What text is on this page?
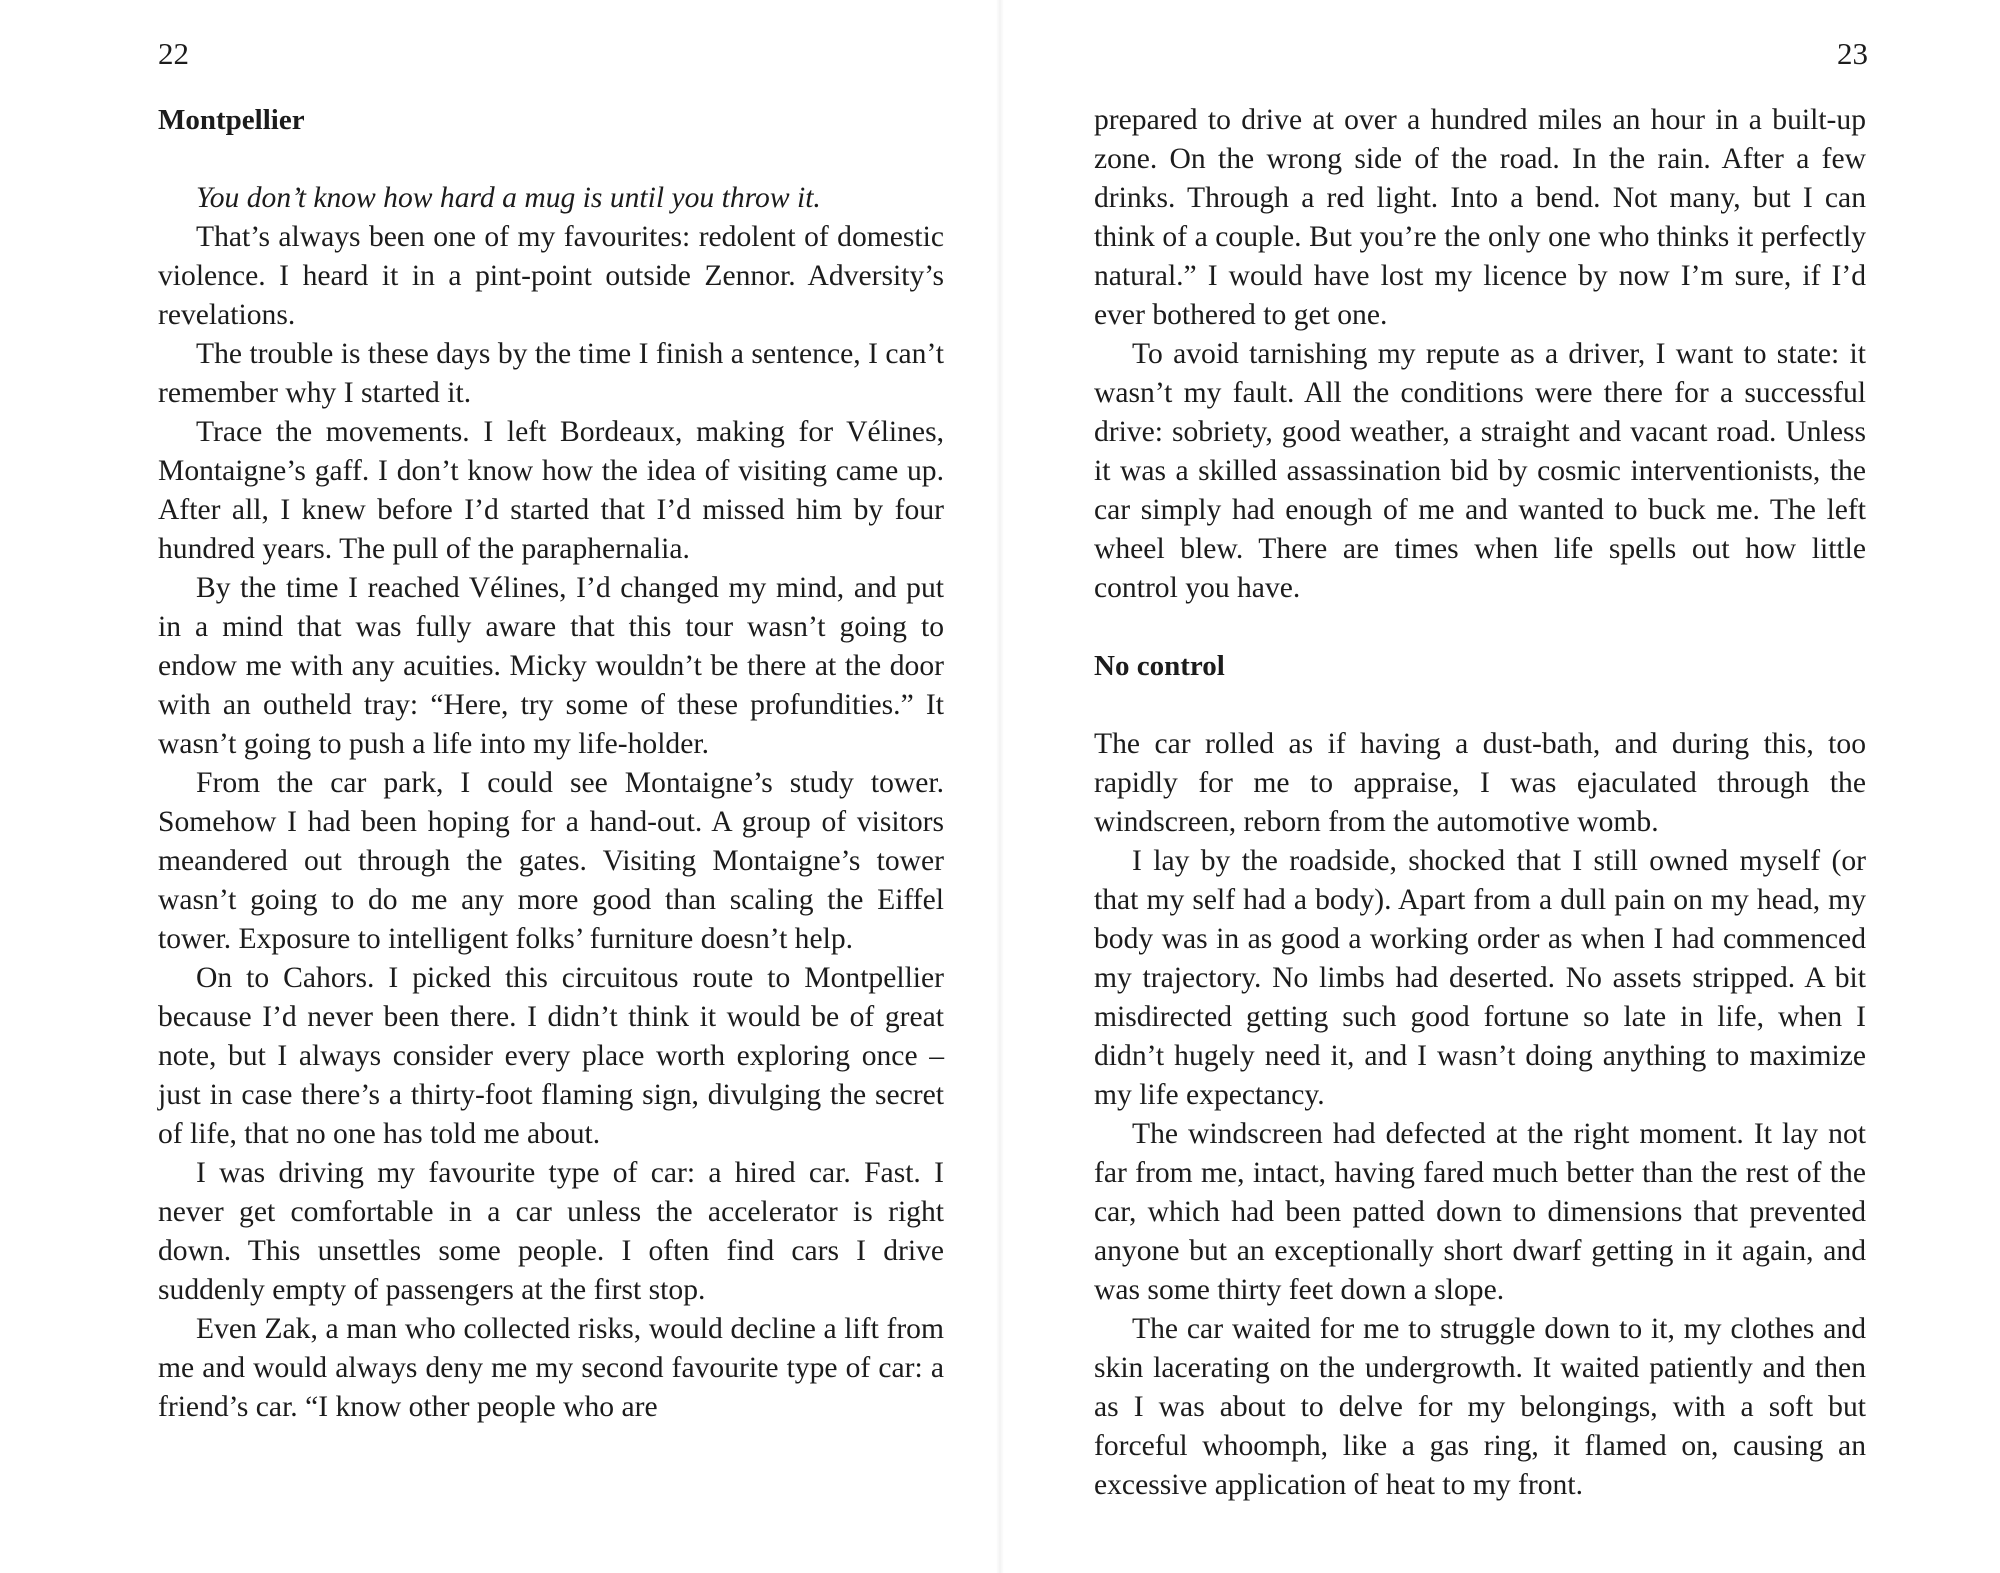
22
Montpellier

You don’t know how hard a mug is until you throw it.

That’s always been one of my favourites: redolent of domestic violence. I heard it in a pint-point outside Zennor. Adversity’s revelations.

The trouble is these days by the time I finish a sentence, I can’t remember why I started it.

Trace the movements. I left Bordeaux, making for Vélines, Montaigne’s gaff. I don’t know how the idea of visiting came up. After all, I knew before I’d started that I’d missed him by four hundred years. The pull of the paraphernalia.

By the time I reached Vélines, I’d changed my mind, and put in a mind that was fully aware that this tour wasn’t going to endow me with any acuities. Micky wouldn’t be there at the door with an outheld tray: “Here, try some of these profundities.” It wasn’t going to push a life into my life-holder.

From the car park, I could see Montaigne’s study tower. Somehow I had been hoping for a hand-out. A group of visitors meandered out through the gates. Visiting Montaigne’s tower wasn’t going to do me any more good than scaling the Eiffel tower. Exposure to intelligent folks’ furniture doesn’t help.

On to Cahors. I picked this circuitous route to Montpellier because I’d never been there. I didn’t think it would be of great note, but I always consider every place worth exploring once – just in case there’s a thirty-foot flaming sign, divulging the secret of life, that no one has told me about.

I was driving my favourite type of car: a hired car. Fast. I never get comfortable in a car unless the accelerator is right down. This unsettles some people. I often find cars I drive suddenly empty of passengers at the first stop.

Even Zak, a man who collected risks, would decline a lift from me and would always deny me my second favourite type of car: a friend’s car. “I know other people who are

23

prepared to drive at over a hundred miles an hour in a built-up zone. On the wrong side of the road. In the rain. After a few drinks. Through a red light. Into a bend. Not many, but I can think of a couple. But you’re the only one who thinks it perfectly natural.” I would have lost my licence by now I’m sure, if I’d ever bothered to get one.

To avoid tarnishing my repute as a driver, I want to state: it wasn’t my fault. All the conditions were there for a successful drive: sobriety, good weather, a straight and vacant road. Unless it was a skilled assassination bid by cosmic interventionists, the car simply had enough of me and wanted to buck me. The left wheel blew. There are times when life spells out how little control you have.

No control

The car rolled as if having a dust-bath, and during this, too rapidly for me to appraise, I was ejaculated through the windscreen, reborn from the automotive womb.

I lay by the roadside, shocked that I still owned myself (or that my self had a body). Apart from a dull pain on my head, my body was in as good a working order as when I had commenced my trajectory. No limbs had deserted. No assets stripped. A bit misdirected getting such good fortune so late in life, when I didn’t hugely need it, and I wasn’t doing anything to maximize my life expectancy.

The windscreen had defected at the right moment. It lay not far from me, intact, having fared much better than the rest of the car, which had been patted down to dimensions that prevented anyone but an exceptionally short dwarf getting in it again, and was some thirty feet down a slope.

The car waited for me to struggle down to it, my clothes and skin lacerating on the undergrowth. It waited patiently and then as I was about to delve for my belongings, with a soft but forceful whoomph, like a gas ring, it flamed on, causing an excessive application of heat to my front.
